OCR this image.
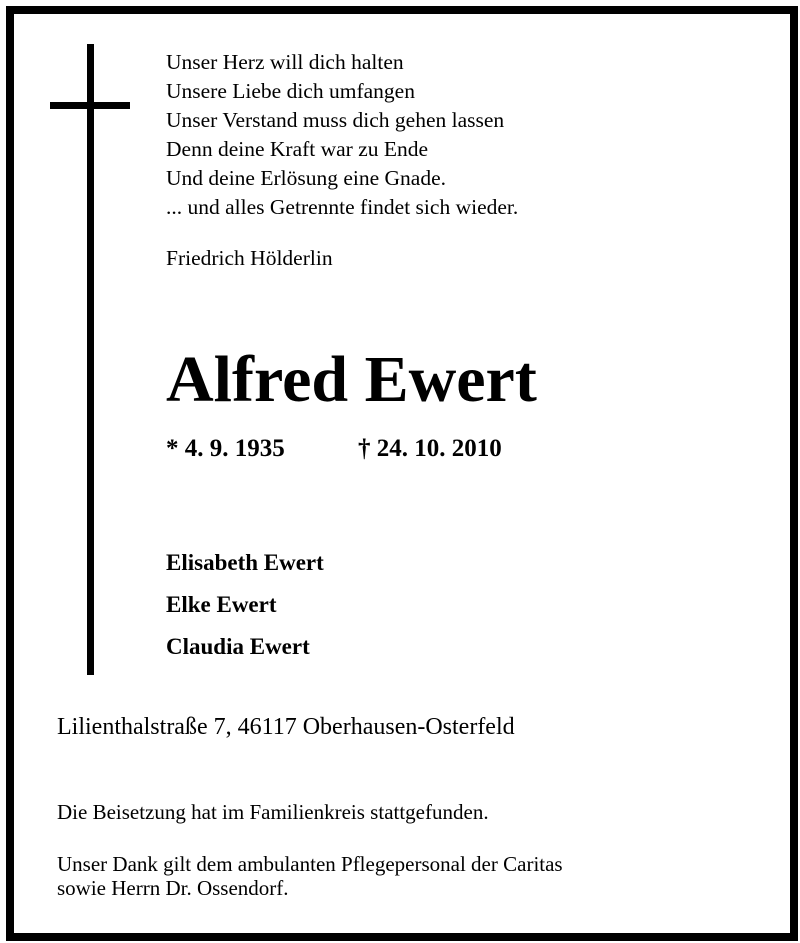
Unser Herz will dich halten
Unsere Liebe dich umfangen
Unser Verstand muss dich gehen lassen
Denn deine Kraft war zu Ende
Und deine Erlösung eine Gnade.
... und alles Getrennte findet sich wieder.
Friedrich Hölderlin
Alfred Ewert
* 4. 9. 1935	† 24. 10. 2010
Elisabeth Ewert
Elke Ewert
Claudia Ewert
Lilienthalstraße 7, 46117 Oberhausen-Osterfeld
Die Beisetzung hat im Familienkreis stattgefunden.
Unser Dank gilt dem ambulanten Pflegepersonal der Caritas
sowie Herrn Dr. Ossendorf.
